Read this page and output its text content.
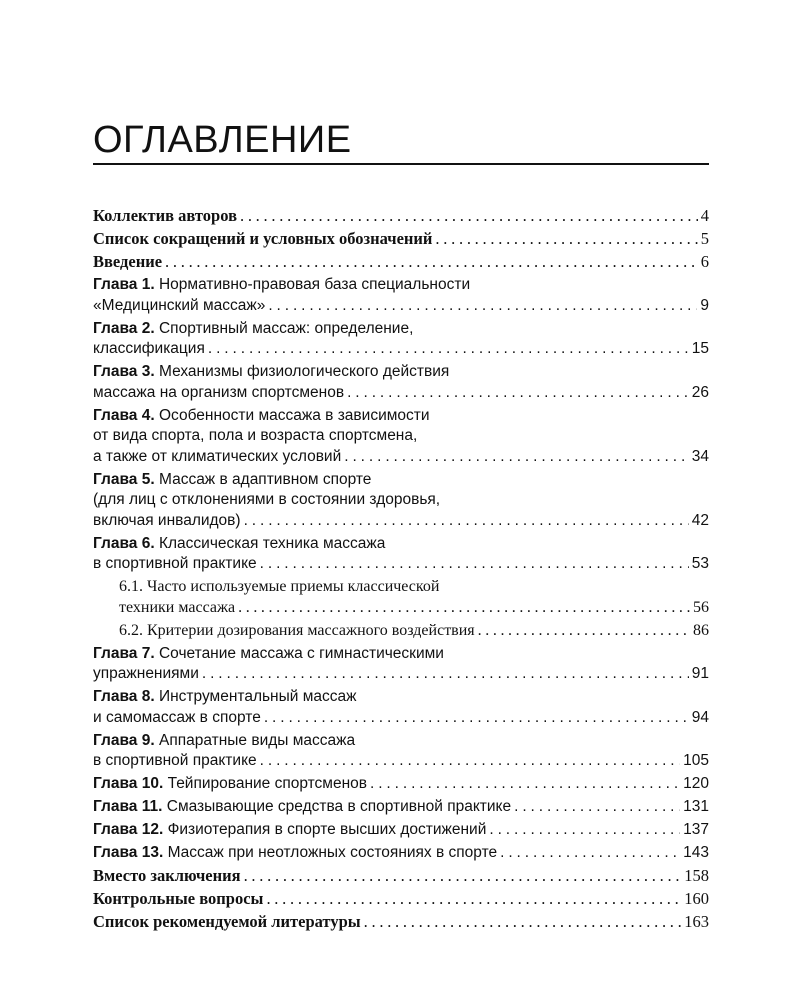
ОГЛАВЛЕНИЕ
Коллектив авторов . . .	4
Список сокращений и условных обозначений . . .	5
Введение . . .	6
Глава 1. Нормативно-правовая база специальности
«Медицинский массаж» . . .	9
Глава 2. Спортивный массаж: определение,
классификация . . .	15
Глава 3. Механизмы физиологического действия
массажа на организм спортсменов . . .	26
Глава 4. Особенности массажа в зависимости
от вида спорта, пола и возраста спортсмена,
а также от климатических условий . . .	34
Глава 5. Массаж в адаптивном спорте
(для лиц с отклонениями в состоянии здоровья,
включая инвалидов) . . .	42
Глава 6. Классическая техника массажа
в спортивной практике . . .	53
6.1. Часто используемые приемы классической
техники массажа . . .	56
6.2. Критерии дозирования массажного воздействия . . .	86
Глава 7. Сочетание массажа с гимнастическими
упражнениями . . .	91
Глава 8. Инструментальный массаж
и самомассаж в спорте . . .	94
Глава 9. Аппаратные виды массажа
в спортивной практике . . .	105
Глава 10. Тейпирование спортсменов . . .	120
Глава 11. Смазывающие средства в спортивной практике . . .	131
Глава 12. Физиотерапия в спорте высших достижений . . .	137
Глава 13. Массаж при неотложных состояниях в спорте . . .	143
Вместо заключения . . .	158
Контрольные вопросы . . .	160
Список рекомендуемой литературы . . .	163
